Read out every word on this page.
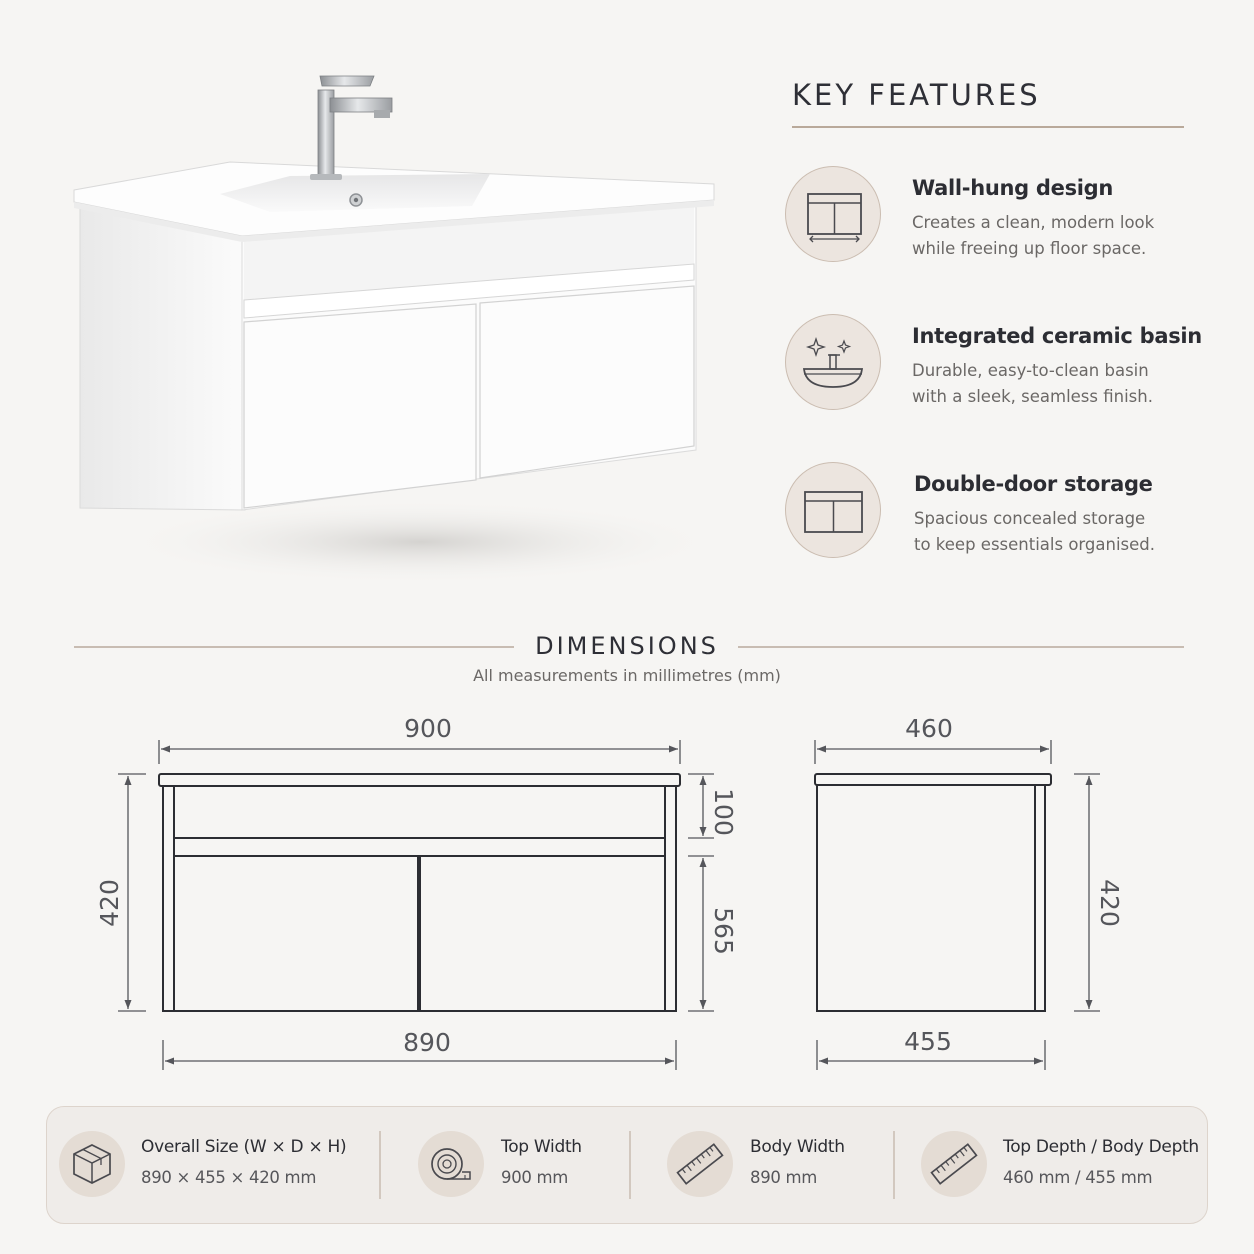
KEY FEATURES
Wall-hung design
Creates a clean, modern look
while freeing up floor space.
Integrated ceramic basin
Durable, easy-to-clean basin
with a sleek, seamless finish.
Double-door storage
Spacious concealed storage
to keep essentials organised.
DIMENSIONS
All measurements in millimetres (mm)
900
890
420
100
565
460
455
420
Overall Size (W × D × H)
890 × 455 × 420 mm
Top Width
900 mm
Body Width
890 mm
Top Depth / Body Depth
460 mm / 455 mm
